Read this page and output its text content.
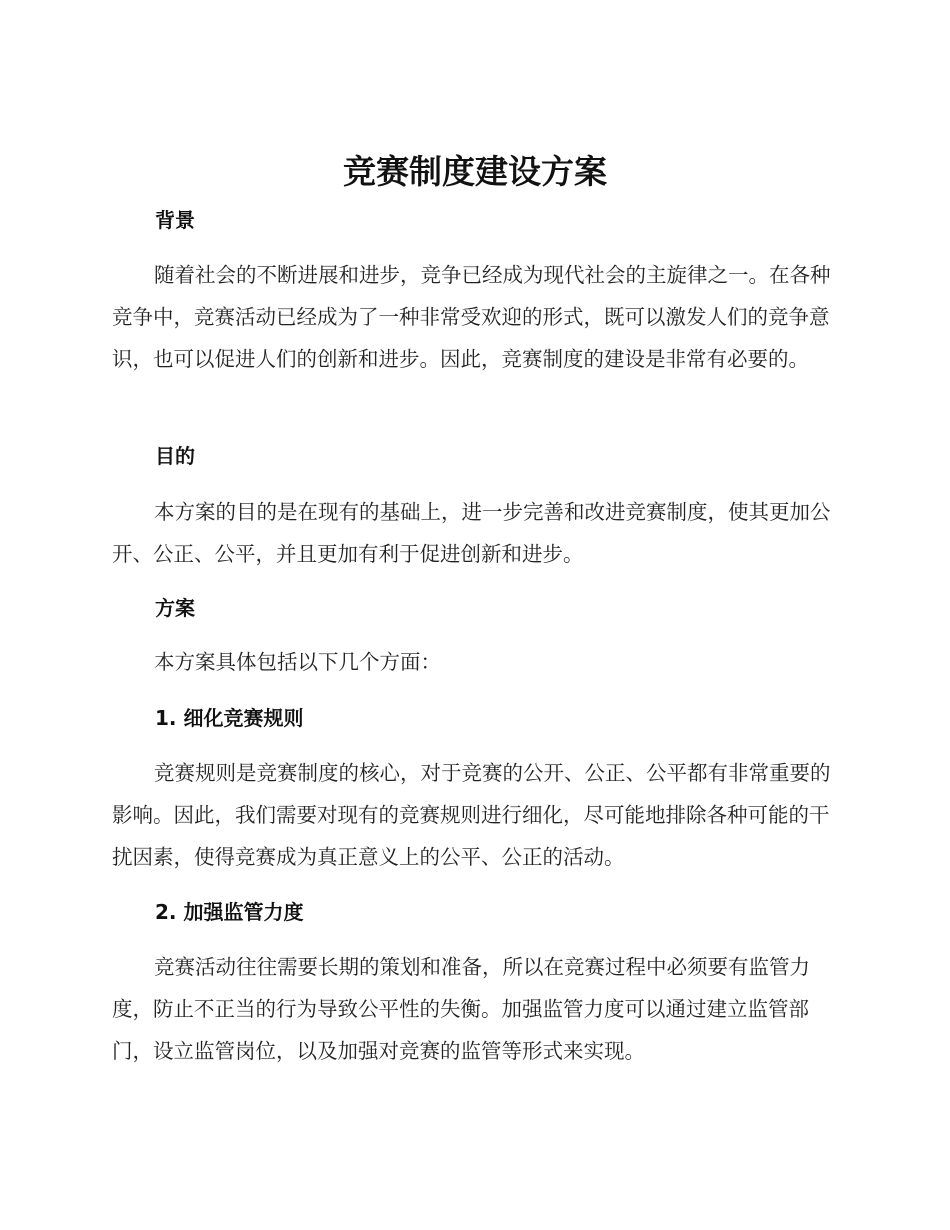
竞赛制度建设方案
背景

随着社会的不断进展和进步，竞争已经成为现代社会的主旋律之一。在各种竞争中，竞赛活动已经成为了一种非常受欢迎的形式，既可以激发人们的竞争意识，也可以促进人们的创新和进步。因此，竞赛制度的建设是非常有必要的。

目的

本方案的目的是在现有的基础上，进一步完善和改进竞赛制度，使其更加公开、公正、公平，并且更加有利于促进创新和进步。

方案

本方案具体包括以下几个方面：

1. 细化竞赛规则

竞赛规则是竞赛制度的核心，对于竞赛的公开、公正、公平都有非常重要的影响。因此，我们需要对现有的竞赛规则进行细化，尽可能地排除各种可能的干扰因素，使得竞赛成为真正意义上的公平、公正的活动。

2. 加强监管力度

竞赛活动往往需要长期的策划和准备，所以在竞赛过程中必须要有监管力度，防止不正当的行为导致公平性的失衡。加强监管力度可以通过建立监管部门，设立监管岗位，以及加强对竞赛的监管等形式来实现。
